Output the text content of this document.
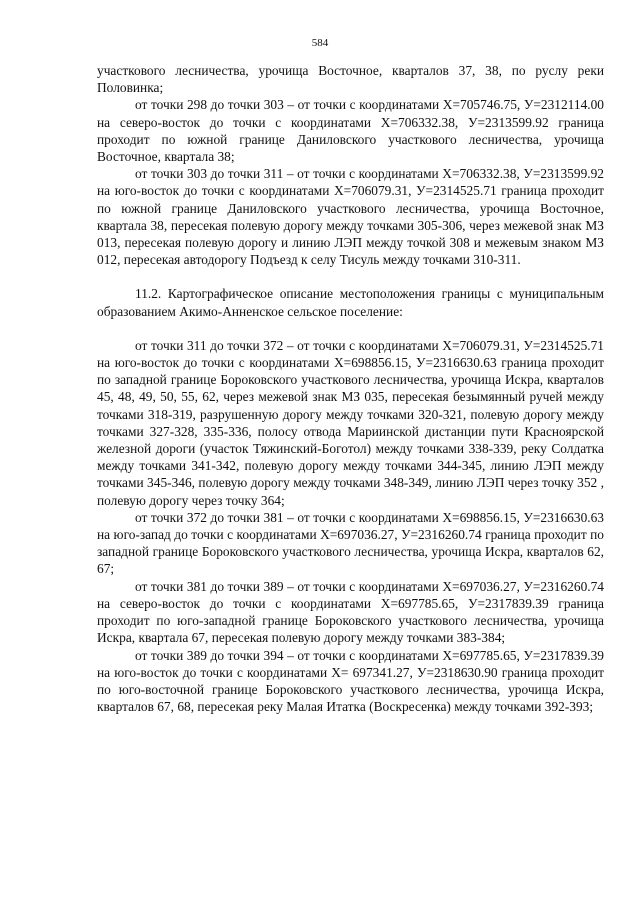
584

участкового лесничества, урочища Восточное, кварталов 37, 38, по руслу реки Половинка;

от точки 298 до точки 303 – от точки с координатами Х=705746.75, У=2312114.00 на северо-восток до точки с координатами Х=706332.38, У=2313599.92 граница проходит по южной границе Даниловского участкового лесничества, урочища Восточное, квартала 38;

от точки 303 до точки 311 – от точки с координатами Х=706332.38, У=2313599.92 на юго-восток до точки с координатами Х=706079.31, У=2314525.71 граница проходит по южной границе Даниловского участкового лесничества, урочища Восточное, квартала 38, пересекая полевую дорогу между точками 305-306, через межевой знак МЗ 013, пересекая полевую дорогу и линию ЛЭП между точкой 308 и межевым знаком МЗ 012, пересекая автодорогу Подъезд к селу Тисуль между точками 310-311.

11.2. Картографическое описание местоположения границы с муниципальным образованием Акимо-Анненское сельское поселение:

от точки 311 до точки 372 – от точки с координатами Х=706079.31, У=2314525.71 на юго-восток до точки с координатами Х=698856.15, У=2316630.63 граница проходит по западной границе Бороковского участкового лесничества, урочища Искра, кварталов 45, 48, 49, 50, 55, 62, через межевой знак МЗ 035, пересекая безымянный ручей между точками 318-319, разрушенную дорогу между точками 320-321, полевую дорогу между точками 327-328, 335-336, полосу отвода Мариинской дистанции пути Красноярской железной дороги (участок Тяжинский-Боготол) между точками 338-339, реку Солдатка между точками 341-342, полевую дорогу между точками 344-345, линию ЛЭП между точками 345-346, полевую дорогу между точками 348-349, линию ЛЭП через точку 352 , полевую дорогу через точку 364;

от точки 372 до точки 381 – от точки с координатами Х=698856.15, У=2316630.63 на юго-запад до точки с координатами Х=697036.27, У=2316260.74 граница проходит по западной границе Бороковского участкового лесничества, урочища Искра, кварталов 62, 67;

от точки 381 до точки 389 – от точки с координатами Х=697036.27, У=2316260.74 на северо-восток до точки с координатами Х=697785.65, У=2317839.39 граница проходит по юго-западной границе Бороковского участкового лесничества, урочища Искра, квартала 67, пересекая полевую дорогу между точками 383-384;

от точки 389 до точки 394 – от точки с координатами Х=697785.65, У=2317839.39 на юго-восток до точки с координатами Х= 697341.27, У=2318630.90 граница проходит по юго-восточной границе Бороковского участкового лесничества, урочища Искра, кварталов 67, 68, пересекая реку Малая Итатка (Воскресенка) между точками 392-393;
